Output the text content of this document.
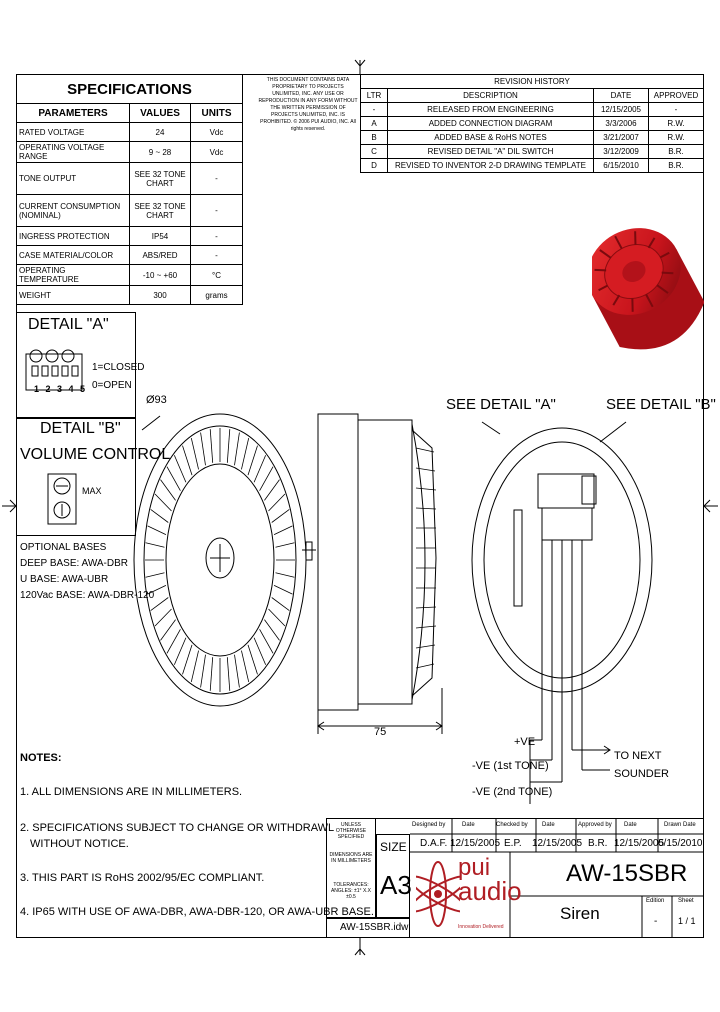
SPECIFICATIONS		
PARAMETERS	VALUES	UNITS
RATED VOLTAGE	24	Vdc
OPERATING VOLTAGE RANGE	9 ~ 28	Vdc
TONE OUTPUT	SEE 32 TONE CHART	-
CURRENT CONSUMPTION (NOMINAL)	SEE 32 TONE CHART	-
INGRESS PROTECTION	IP54	-
CASE MATERIAL/COLOR	ABS/RED	-
OPERATING TEMPERATURE	-10 ~ +60	°C
WEIGHT	300	grams
THIS DOCUMENT CONTAINS DATA PROPRIETARY TO PROJECTS UNLIMITED, INC. ANY USE OR REPRODUCTION IN ANY FORM WITHOUT THE WRITTEN PERMISSION OF PROJECTS UNLIMITED, INC. IS PROHIBITED. © 2006 PUI AUDIO, INC. All rights reserved.
REVISION HISTORY			
LTR	DESCRIPTION	DATE	APPROVED
-	RELEASED FROM ENGINEERING	12/15/2005	-
A	ADDED CONNECTION DIAGRAM	3/3/2006	R.W.
B	ADDED BASE & RoHS NOTES	3/21/2007	R.W.
C	REVISED DETAIL "A" DIL SWITCH	3/12/2009	B.R.
D	REVISED TO INVENTOR 2-D DRAWING TEMPLATE	6/15/2010	B.R.
DETAIL "A"
1 2 3 4 5
1=CLOSED
0=OPEN
DETAIL "B"
VOLUME CONTROL
MAX
OPTIONAL BASES
DEEP BASE: AWA-DBR
U BASE: AWA-UBR
120Vac BASE: AWA-DBR-120
Ø93
75
SEE DETAIL "A"	SEE DETAIL "B"
+VE
-VE (1st TONE)
-VE (2nd TONE)
TO NEXT
SOUNDER
NOTES:
1. ALL DIMENSIONS ARE IN MILLIMETERS.
2. SPECIFICATIONS SUBJECT TO CHANGE OR WITHDRAWL
WITHOUT NOTICE.
3. THIS PART IS RoHS 2002/95/EC COMPLIANT.
4. IP65 WITH USE OF AWA-DBR, AWA-DBR-120, OR AWA-UBR BASE.
UNLESS OTHERWISE SPECIFIED
DIMENSIONS ARE IN MILLIMETERS
TOLERANCES: ANGLES: ±1° X.X ±0.5
SIZE
A3
AW-15SBR.idw
Designed by	Date	Checked by Date	Approved by Date	Drawn Date
D.A.F. 12/15/2005 E.P. 12/15/2005 B.R. 12/15/2005
6/15/2010
pui
audio
Innovation Delivered
AW-15SBR
Siren
Edition
-
Sheet
1 / 1
